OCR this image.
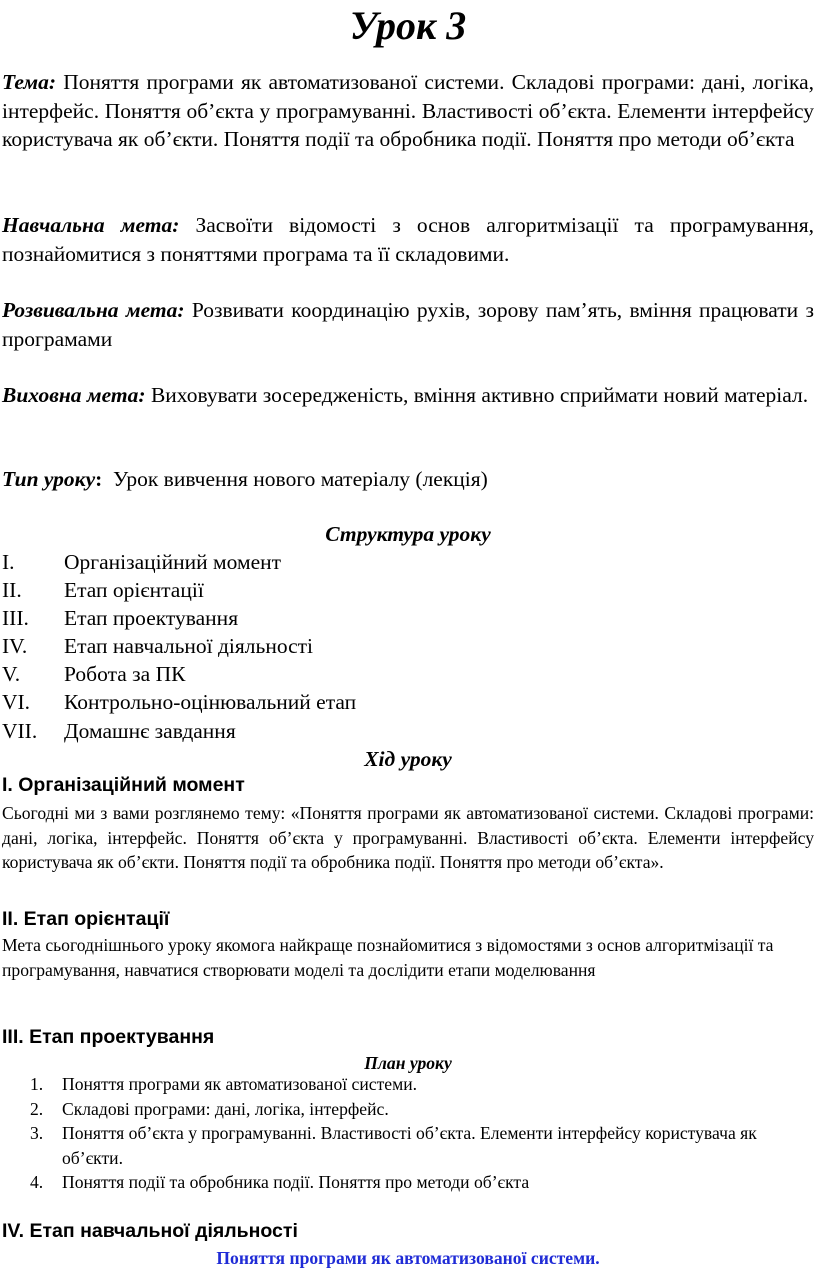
Урок 3
Тема: Поняття програми як автоматизованої системи. Складові програми: дані, логіка, інтерфейс. Поняття об’єкта у програмуванні. Властивості об’єкта. Елементи інтерфейсу користувача як об’єкти. Поняття події та обробника події. Поняття про методи об’єкта
Навчальна мета: Засвоїти відомості з основ алгоритмізації та програмування, познайомитися з поняттями програма та її складовими.
Розвивальна мета: Розвивати координацію рухів, зорову пам’ять, вміння працювати з програмами
Виховна мета: Виховувати зосередженість, вміння активно сприймати новий матеріал.
Тип уроку: Урок вивчення нового матеріалу (лекція)
Структура уроку
I.	Організаційний момент
II.	Етап орієнтації
III.	Етап проектування
IV.	Етап навчальної діяльності
V.	Робота за ПК
VI.	Контрольно-оцінювальний етап
VII.	Домашнє завдання
Хід уроку
I. Організаційний момент
Сьогодні ми з вами розглянемо тему: «Поняття програми як автоматизованої системи. Складові програми: дані, логіка, інтерфейс. Поняття об’єкта у програмуванні. Властивості об’єкта. Елементи інтерфейсу користувача як об’єкти. Поняття події та обробника події. Поняття про методи об’єкта».
II. Етап орієнтації
Мета сьогоднішнього уроку якомога найкраще познайомитися з відомостями з основ алгоритмізації та програмування, навчатися створювати моделі та дослідити етапи моделювання
III. Етап проектування
План уроку
1. Поняття програми як автоматизованої системи.
2. Складові програми: дані, логіка, інтерфейс.
3. Поняття об’єкта у програмуванні. Властивості об’єкта. Елементи інтерфейсу користувача як об’єкти.
4. Поняття події та обробника події. Поняття про методи об’єкта
IV. Етап навчальної діяльності
Поняття програми як автоматизованої системи.
